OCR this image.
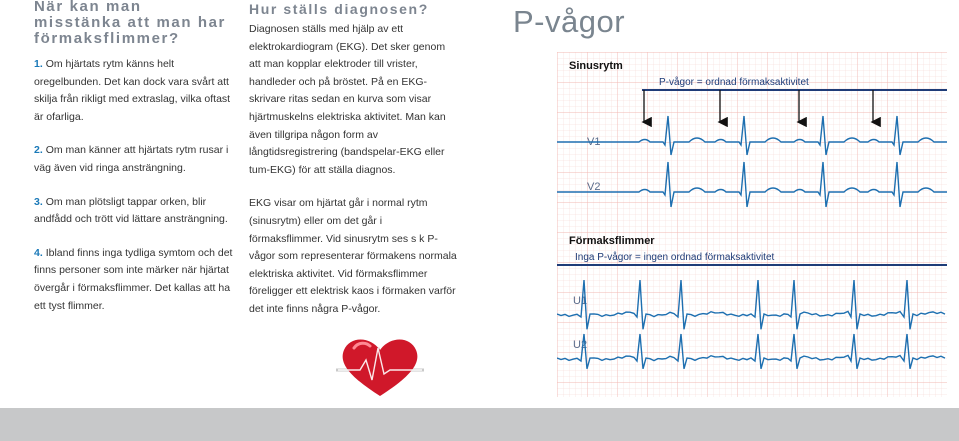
När kan man misstänka att man har förmaksflimmer?

1. Om hjärtats rytm känns helt oregelbunden. Det kan dock vara svårt att skilja från rikligt med extraslag, vilka oftast är ofarliga.

2. Om man känner att hjärtats rytm rusar i väg även vid ringa ansträngning.

3. Om man plötsligt tappar orken, blir andfådd och trött vid lättare ansträngning.

4. Ibland finns inga tydliga symtom och det finns personer som inte märker när hjärtat övergår i förmaksflimmer. Det kallas att ha ett tyst flimmer.

Hur ställs diagnosen?

Diagnosen ställs med hjälp av ett elektrokardiogram (EKG). Det sker genom att man kopplar elektroder till vrister, handleder och på bröstet. På en EKG-skrivare ritas sedan en kurva som visar hjärtmuskelns elektriska aktivitet. Man kan även tillgripa någon form av långtidsregistrering (bandspelar-EKG eller tum-EKG) för att ställa diagnos.

EKG visar om hjärtat går i normal rytm (sinusrytm) eller om det går i förmaksflimmer. Vid sinusrytm ses s k P-vågor som representerar förmakens normala elektriska aktivitet. Vid förmaksflimmer föreligger ett elektrisk kaos i förmaken varför det inte finns några P-vågor.

P-vågor
Sinusrytm
P-vågor = ordnad förmaksaktivitet
V1
V2
Förmaksflimmer
Inga P-vågor = ingen ordnad förmaksaktivitet
U1
U2
